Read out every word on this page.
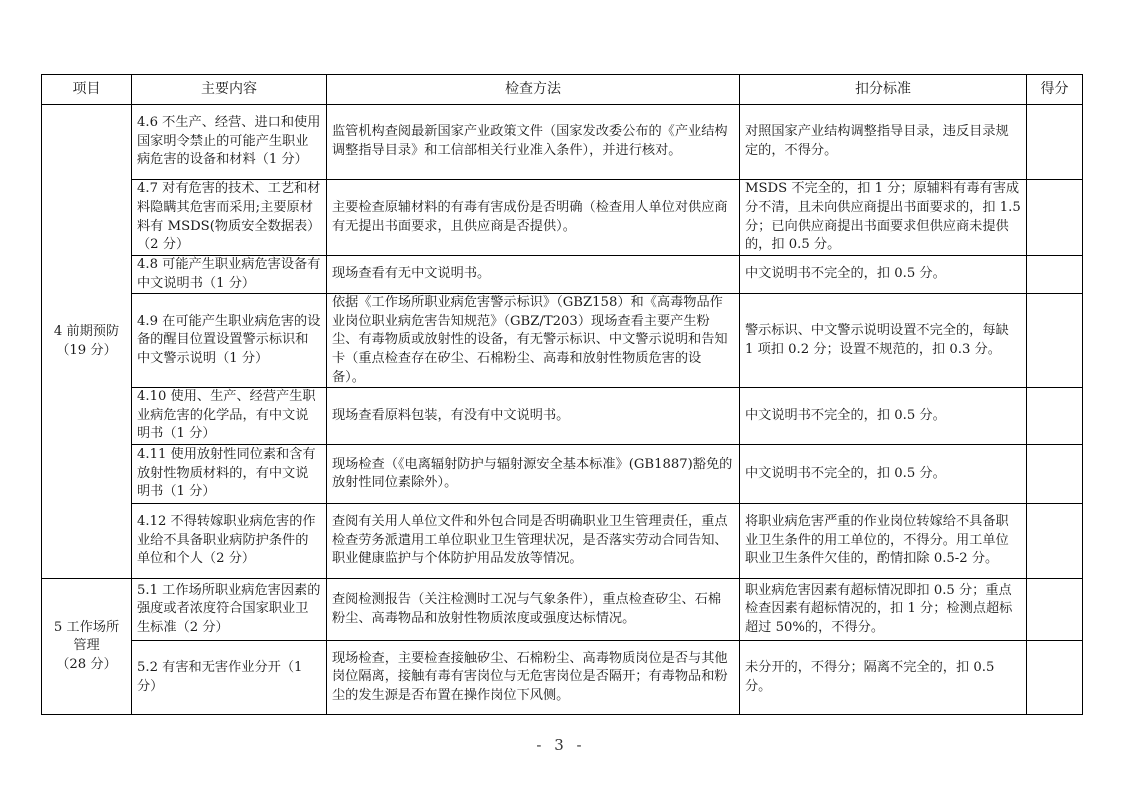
项目	主要内容	检查方法	扣分标准	得分

4 前期预防
（19 分）	4.6 不生产、经营、进口和使用国家明令禁止的可能产生职业病危害的设备和材料（1 分）	监管机构查阅最新国家产业政策文件（国家发改委公布的《产业结构调整指导目录》和工信部相关行业准入条件），并进行核对。	对照国家产业结构调整指导目录，违反目录规定的，不得分。	
	4.7 对有危害的技术、工艺和材料隐瞒其危害而采用;主要原材料有 MSDS(物质安全数据表）（2 分）	主要检查原辅材料的有毒有害成份是否明确（检查用人单位对供应商有无提出书面要求，且供应商是否提供）。	MSDS 不完全的，扣 1 分；原辅料有毒有害成分不清，且未向供应商提出书面要求的，扣 1.5 分；已向供应商提出书面要求但供应商未提供的，扣 0.5 分。	
	4.8 可能产生职业病危害设备有中文说明书（1 分）	现场查看有无中文说明书。	中文说明书不完全的，扣 0.5 分。	
	4.9 在可能产生职业病危害的设备的醒目位置设置警示标识和中文警示说明（1 分）	依据《工作场所职业病危害警示标识》（GBZ158）和《高毒物品作业岗位职业病危害告知规范》（GBZ/T203）现场查看主要产生粉尘、有毒物质或放射性的设备，有无警示标识、中文警示说明和告知卡（重点检查存在矽尘、石棉粉尘、高毒和放射性物质危害的设备）。	警示标识、中文警示说明设置不完全的，每缺 1 项扣 0.2 分；设置不规范的，扣 0.3 分。	
	4.10 使用、生产、经营产生职业病危害的化学品，有中文说明书（1 分）	现场查看原料包装，有没有中文说明书。	中文说明书不完全的，扣 0.5 分。	
	4.11 使用放射性同位素和含有放射性物质材料的，有中文说明书（1 分）	现场检查（《电离辐射防护与辐射源安全基本标准》(GB1887)豁免的放射性同位素除外）。	中文说明书不完全的，扣 0.5 分。	
	4.12 不得转嫁职业病危害的作业给不具备职业病防护条件的单位和个人（2 分）	查阅有关用人单位文件和外包合同是否明确职业卫生管理责任，重点检查劳务派遣用工单位职业卫生管理状况，是否落实劳动合同告知、职业健康监护与个体防护用品发放等情况。	将职业病危害严重的作业岗位转嫁给不具备职业卫生条件的用工单位的，不得分。用工单位职业卫生条件欠佳的，酌情扣除 0.5-2 分。	

5 工作场所
管理
（28 分）	5.1 工作场所职业病危害因素的强度或者浓度符合国家职业卫生标准（2 分）	查阅检测报告（关注检测时工况与气象条件），重点检查矽尘、石棉粉尘、高毒物品和放射性物质浓度或强度达标情况。	职业病危害因素有超标情况即扣 0.5 分；重点检查因素有超标情况的，扣 1 分；检测点超标超过 50%的，不得分。	
	5.2 有害和无害作业分开（1 分）	现场检查，主要检查接触矽尘、石棉粉尘、高毒物质岗位是否与其他岗位隔离，接触有毒有害岗位与无危害岗位是否隔开；有毒物品和粉尘的发生源是否布置在操作岗位下风侧。	未分开的，不得分；隔离不完全的，扣 0.5 分。	
- 3 -
